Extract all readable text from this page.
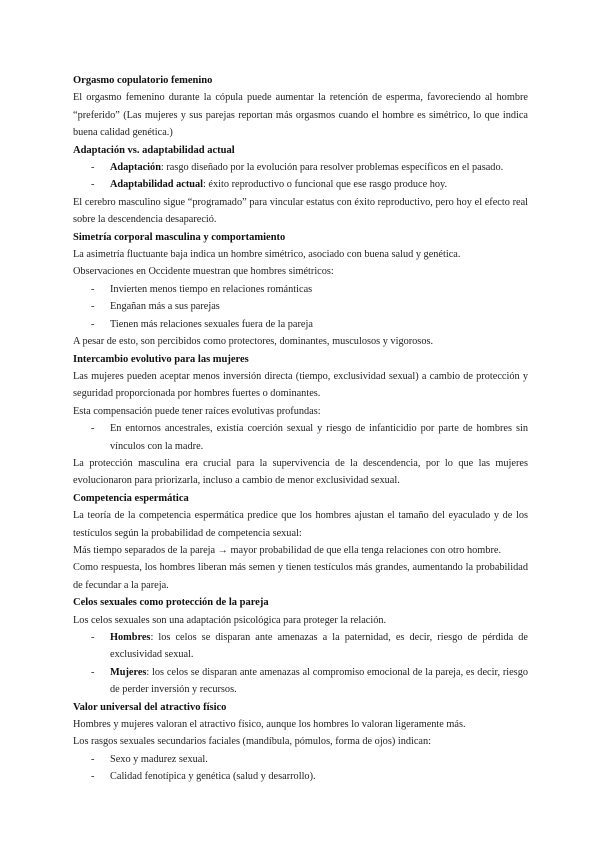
Orgasmo copulatorio femenino

El orgasmo femenino durante la cópula puede aumentar la retención de esperma, favoreciendo al hombre “preferido” (Las mujeres y sus parejas reportan más orgasmos cuando el hombre es simétrico, lo que indica buena calidad genética.)

Adaptación vs. adaptabilidad actual
- Adaptación: rasgo diseñado por la evolución para resolver problemas específicos en el pasado.
- Adaptabilidad actual: éxito reproductivo o funcional que ese rasgo produce hoy.

El cerebro masculino sigue “programado” para vincular estatus con éxito reproductivo, pero hoy el efecto real sobre la descendencia desapareció.

Simetría corporal masculina y comportamiento

La asimetría fluctuante baja indica un hombre simétrico, asociado con buena salud y genética.

Observaciones en Occidente muestran que hombres simétricos:

- Invierten menos tiempo en relaciones románticas
- Engañan más a sus parejas
- Tienen más relaciones sexuales fuera de la pareja

A pesar de esto, son percibidos como protectores, dominantes, musculosos y vigorosos.

Intercambio evolutivo para las mujeres

Las mujeres pueden aceptar menos inversión directa (tiempo, exclusividad sexual) a cambio de protección y seguridad proporcionada por hombres fuertes o dominantes.

Esta compensación puede tener raíces evolutivas profundas:

- En entornos ancestrales, existía coerción sexual y riesgo de infanticidio por parte de hombres sin vínculos con la madre.

La protección masculina era crucial para la supervivencia de la descendencia, por lo que las mujeres evolucionaron para priorizarla, incluso a cambio de menor exclusividad sexual.

Competencia espermática

La teoría de la competencia espermática predice que los hombres ajustan el tamaño del eyaculado y de los testículos según la probabilidad de competencia sexual:

Más tiempo separados de la pareja → mayor probabilidad de que ella tenga relaciones con otro hombre.

Como respuesta, los hombres liberan más semen y tienen testículos más grandes, aumentando la probabilidad de fecundar a la pareja.

Celos sexuales como protección de la pareja

Los celos sexuales son una adaptación psicológica para proteger la relación.

- Hombres: los celos se disparan ante amenazas a la paternidad, es decir, riesgo de pérdida de exclusividad sexual.
- Mujeres: los celos se disparan ante amenazas al compromiso emocional de la pareja, es decir, riesgo de perder inversión y recursos.
Valor universal del atractivo físico

Hombres y mujeres valoran el atractivo físico, aunque los hombres lo valoran ligeramente más.

Los rasgos sexuales secundarios faciales (mandíbula, pómulos, forma de ojos) indican:

- Sexo y madurez sexual.
- Calidad fenotípica y genética (salud y desarrollo).
